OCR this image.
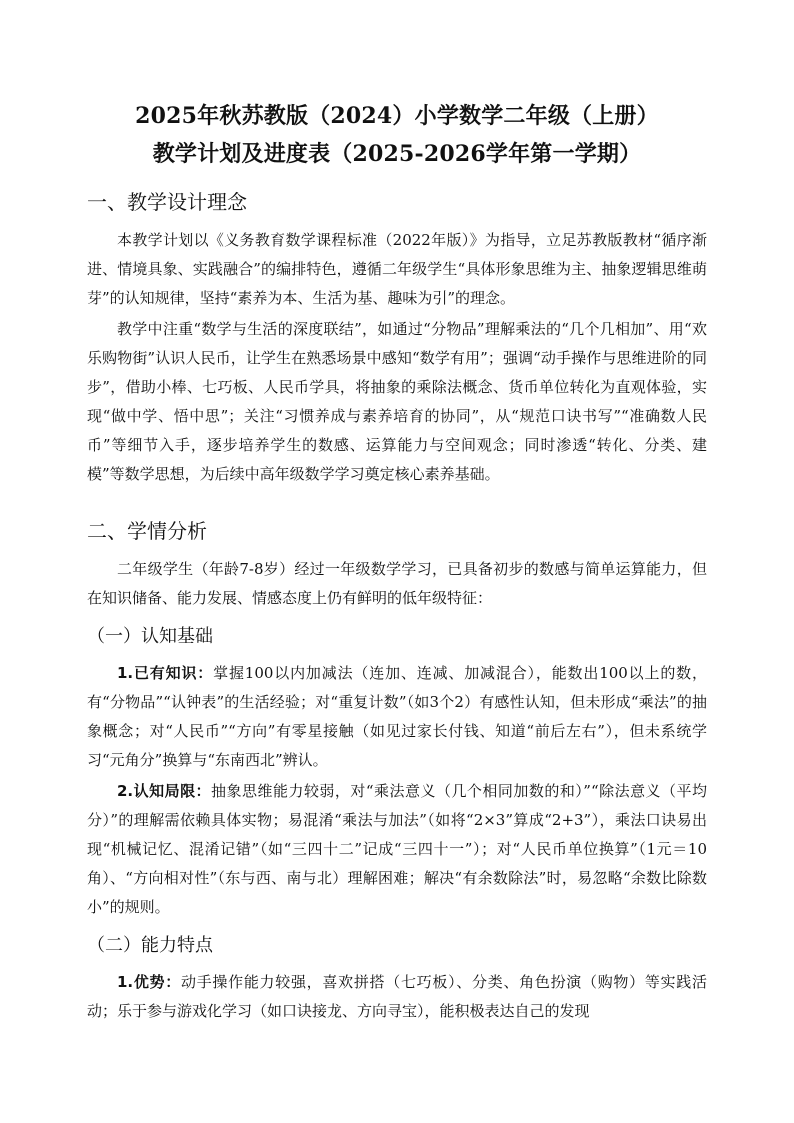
2025年秋苏教版（2024）小学数学二年级（上册）
教学计划及进度表（2025-2026学年第一学期）
一、教学设计理念

本教学计划以《义务教育数学课程标准（2022年版）》为指导，立足苏教版教材“循序渐进、情境具象、实践融合”的编排特色，遵循二年级学生“具体形象思维为主、抽象逻辑思维萌芽”的认知规律，坚持“素养为本、生活为基、趣味为引”的理念。

教学中注重“数学与生活的深度联结”，如通过“分物品”理解乘法的“几个几相加”、用“欢乐购物街”认识人民币，让学生在熟悉场景中感知“数学有用”；强调“动手操作与思维进阶的同步”，借助小棒、七巧板、人民币学具，将抽象的乘除法概念、货币单位转化为直观体验，实现“做中学、悟中思”；关注“习惯养成与素养培育的协同”，从“规范口诀书写”“准确数人民币”等细节入手，逐步培养学生的数感、运算能力与空间观念；同时渗透“转化、分类、建模”等数学思想，为后续中高年级数学学习奠定核心素养基础。

二、学情分析

二年级学生（年龄7-8岁）经过一年级数学学习，已具备初步的数感与简单运算能力，但在知识储备、能力发展、情感态度上仍有鲜明的低年级特征：

（一）认知基础

1.已有知识：掌握100以内加减法（连加、连减、加减混合），能数出100以上的数，有“分物品”“认钟表”的生活经验；对“重复计数”（如3个2）有感性认知，但未形成“乘法”的抽象概念；对“人民币”“方向”有零星接触（如见过家长付钱、知道“前后左右”），但未系统学习“元角分”换算与“东南西北”辨认。

2.认知局限：抽象思维能力较弱，对“乘法意义（几个相同加数的和）”“除法意义（平均分）”的理解需依赖具体实物；易混淆“乘法与加法”（如将“2×3”算成“2+3”），乘法口诀易出现“机械记忆、混淆记错”（如“三四十二”记成“三四十一”）；对“人民币单位换算”（1元＝10角）、“方向相对性”（东与西、南与北）理解困难；解决“有余数除法”时，易忽略“余数比除数小”的规则。

（二）能力特点

1.优势：动手操作能力较强，喜欢拼搭（七巧板）、分类、角色扮演（购物）等实践活动；乐于参与游戏化学习（如口诀接龙、方向寻宝），能积极表达自己的发现
